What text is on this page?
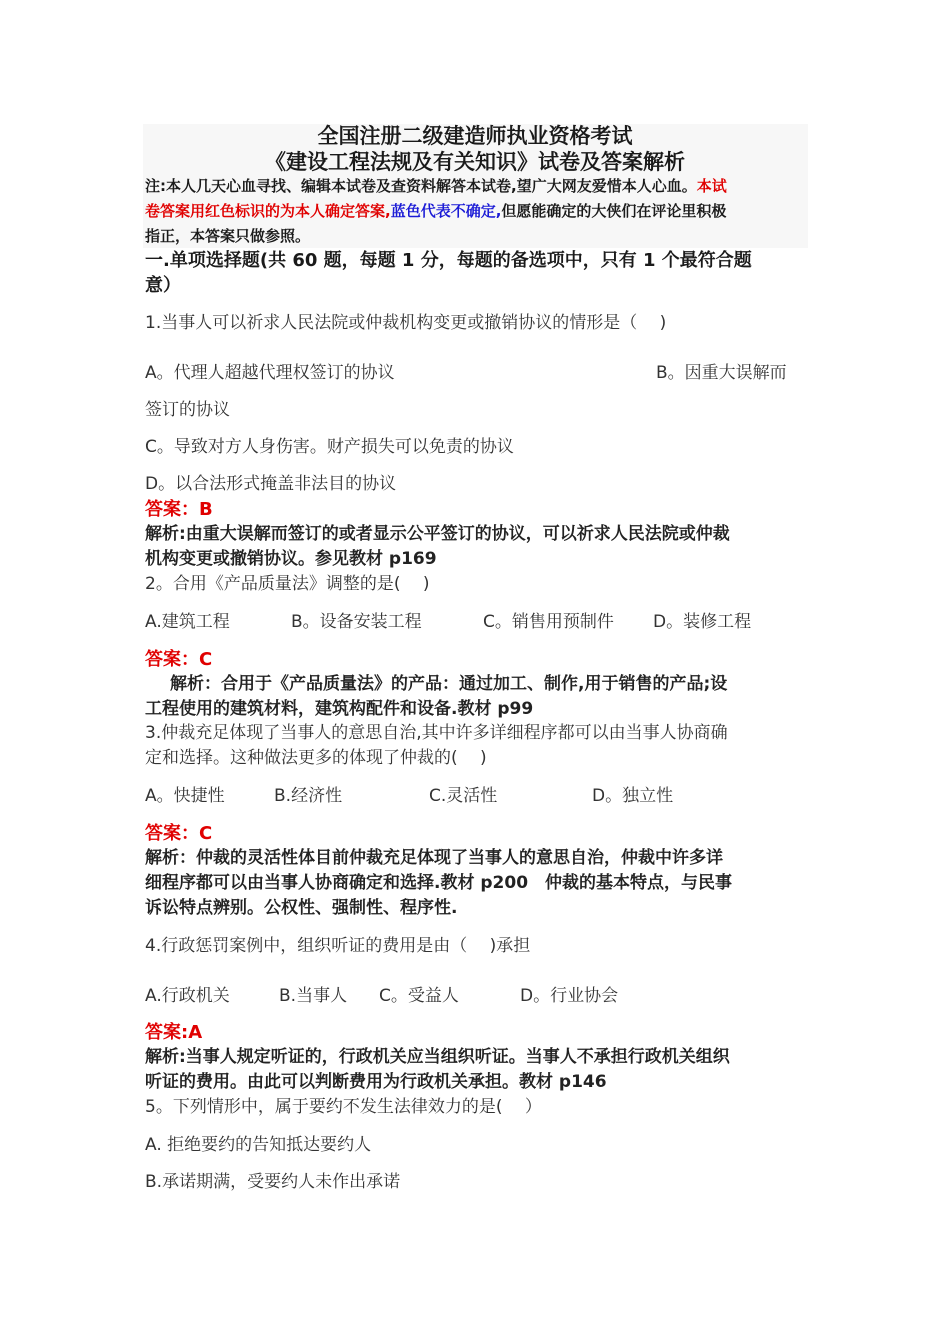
全国注册二级建造师执业资格考试
《建设工程法规及有关知识》试卷及答案解析
注:本人几天心血寻找、编辑本试卷及查资料解答本试卷,望广大网友爱惜本人心血。本试
卷答案用红色标识的为本人确定答案,蓝色代表不确定,但愿能确定的大侠们在评论里积极
指正，本答案只做参照。
一.单项选择题(共 60 题，每题 1 分，每题的备选项中，只有 1 个最符合题
意）
1.当事人可以祈求人民法院或仲裁机构变更或撤销协议的情形是（　 )
A。代理人超越代理权签订的协议	B。因重大误解而
签订的协议
C。导致对方人身伤害。财产损失可以免责的协议
D。以合法形式掩盖非法目的协议
答案：B
解析:由重大误解而签订的或者显示公平签订的协议，可以祈求人民法院或仲裁
机构变更或撤销协议。参见教材 p169
2。合用《产品质量法》调整的是(　 )
A.建筑工程	B。设备安装工程	C。销售用预制件 D。装修工程
答案：C
解析：合用于《产品质量法》的产品：通过加工、制作,用于销售的产品;设
工程使用的建筑材料，建筑构配件和设备.教材 p99
3.仲裁充足体现了当事人的意思自治,其中许多详细程序都可以由当事人协商确
定和选择。这种做法更多的体现了仲裁的(　 )
A。快捷性	B.经济性	C.灵活性	D。独立性
答案：C
解析：仲裁的灵活性体目前仲裁充足体现了当事人的意思自治，仲裁中许多详
细程序都可以由当事人协商确定和选择.教材 p200　仲裁的基本特点，与民事
诉讼特点辨别。公权性、强制性、程序性.
4.行政惩罚案例中，组织听证的费用是由（　 )承担
A.行政机关	B.当事人 C。受益人	D。行业协会
答案:A
解析:当事人规定听证的，行政机关应当组织听证。当事人不承担行政机关组织
听证的费用。由此可以判断费用为行政机关承担。教材 p146
5。下列情形中，属于要约不发生法律效力的是(　 ）
A. 拒绝要约的告知抵达要约人
B.承诺期满，受要约人未作出承诺
